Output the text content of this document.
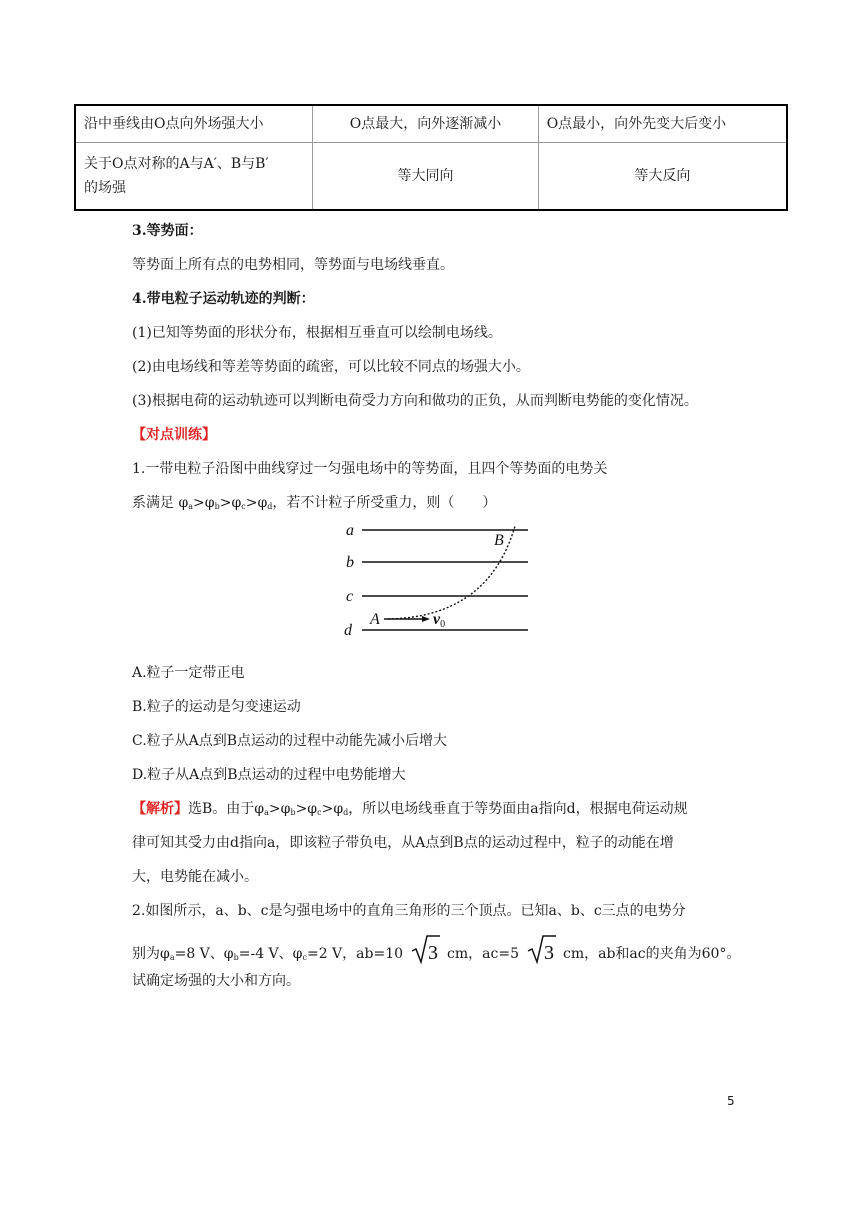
沿中垂线由O点向外场强大小	O点最大，向外逐渐减小	O点最小，向外先变大后变小

关于O点对称的A与A′、B与B′
的场强	等大同向	等大反向
3.等势面：
等势面上所有点的电势相同，等势面与电场线垂直。
4.带电粒子运动轨迹的判断：
(1)已知等势面的形状分布，根据相互垂直可以绘制电场线。
(2)由电场线和等差等势面的疏密，可以比较不同点的场强大小。
(3)根据电荷的运动轨迹可以判断电荷受力方向和做功的正负，从而判断电势能的变化情况。
【对点训练】
1.一带电粒子沿图中曲线穿过一匀强电场中的等势面，且四个等势面的电势关
系满足 $\varphi_a>\varphi_b>\varphi_c>\varphi_d$，若不计粒子所受重力，则（　　）
a
b
c
d
B
A	v0
A.粒子一定带正电
B.粒子的运动是匀变速运动
C.粒子从A点到B点运动的过程中动能先减小后增大
D.粒子从A点到B点运动的过程中电势能增大
【解析】选B。由于$\varphi_a>\varphi_b>\varphi_c>\varphi_d$，所以电场线垂直于等势面由a指向d，根据电荷运动规
律可知其受力由d指向a，即该粒子带负电，从A点到B点的运动过程中，粒子的动能在增
大，电势能在减小。
2.如图所示，a、b、c是匀强电场中的直角三角形的三个顶点。已知a、b、c三点的电势分
别为$\varphi_a=8$ V、$\varphi_b=-4$ V、$\varphi_c=2$ V，ab=10 3 cm，ac=5 3 cm，ab和ac的夹角为60°。
试确定场强的大小和方向。
5
